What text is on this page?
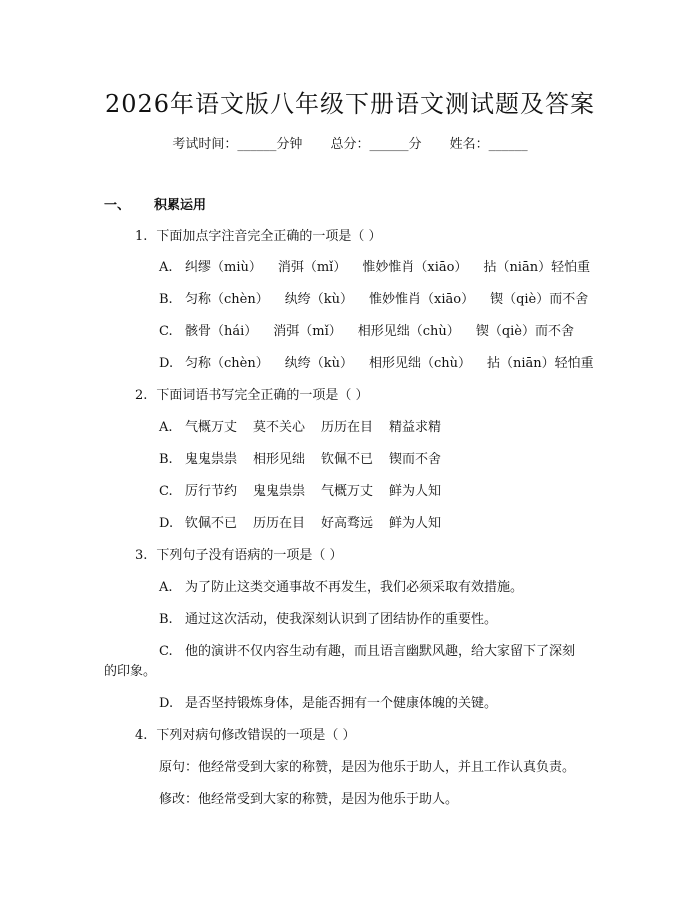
2026年语文版八年级下册语文测试题及答案
考试时间：______分钟 总分：______分 姓名：______
一、 积累运用
1. 下面加点字注音完全正确的一项是（ ）
A. 纠缪（miù） 消弭（mǐ） 惟妙惟肖（xiāo） 拈（niān）轻怕重
B. 匀称（chèn） 纨绔（kù） 惟妙惟肖（xiāo） 锲（qiè）而不舍
C. 骸骨（hái） 消弭（mǐ） 相形见绌（chù） 锲（qiè）而不舍
D. 匀称（chèn） 纨绔（kù） 相形见绌（chù） 拈（niān）轻怕重
2. 下面词语书写完全正确的一项是（ ）
A. 气概万丈 莫不关心 历历在目 精益求精
B. 鬼鬼祟祟 相形见绌 钦佩不已 锲而不舍
C. 厉行节约 鬼鬼祟祟 气概万丈 鲜为人知
D. 钦佩不已 历历在目 好高骛远 鲜为人知
3. 下列句子没有语病的一项是（ ）
A. 为了防止这类交通事故不再发生，我们必须采取有效措施。
B. 通过这次活动，使我深刻认识到了团结协作的重要性。
C. 他的演讲不仅内容生动有趣，而且语言幽默风趣，给大家留下了深刻
的印象。
D. 是否坚持锻炼身体，是能否拥有一个健康体魄的关键。
4. 下列对病句修改错误的一项是（ ）
原句：他经常受到大家的称赞，是因为他乐于助人，并且工作认真负责。
修改：他经常受到大家的称赞，是因为他乐于助人。
